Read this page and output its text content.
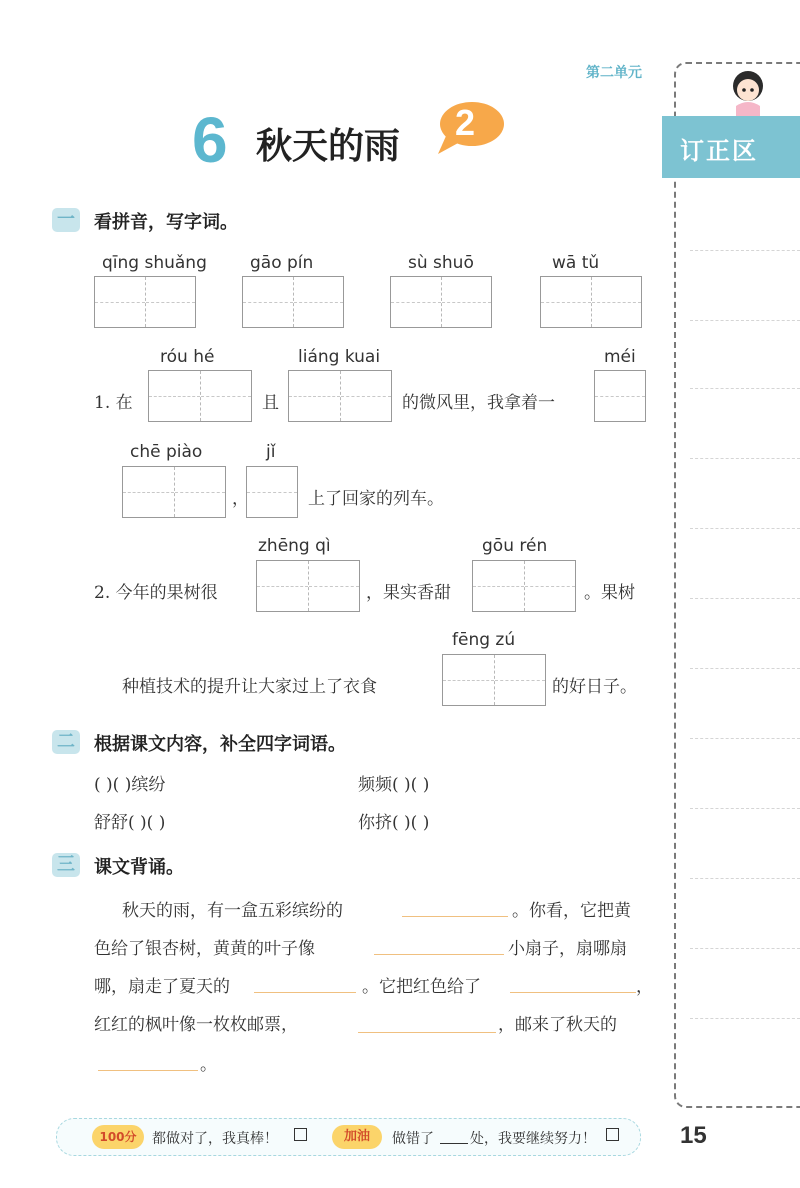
第二单元
6 秋天的雨
2
订正区
一 看拼音，写字词。
qīng shuǎng	gāo pín	sù shuō	wā tǔ
róu hé	liáng kuai	méi
1. 在	且	的微风里，我拿着一
chē piào	jǐ
，	上了回家的列车。
zhēng qì	gōu rén
2. 今年的果树很	，果实香甜	。果树
fēng zú
种植技术的提升让大家过上了衣食	的好日子。
二 根据课文内容，补全四字词语。
( )( )缤纷	频频( )( )
舒舒( )( )	你挤( )( )
三 课文背诵。
秋天的雨，有一盒五彩缤纷的	。你看，它把黄
色给了银杏树，黄黄的叶子像	小扇子，扇哪扇
哪，扇走了夏天的	。它把红色给了	，
红红的枫叶像一枚枚邮票，	，邮来了秋天的
。
100分	都做对了，我真棒！	加油	做错了	处，我要继续努力！	15
